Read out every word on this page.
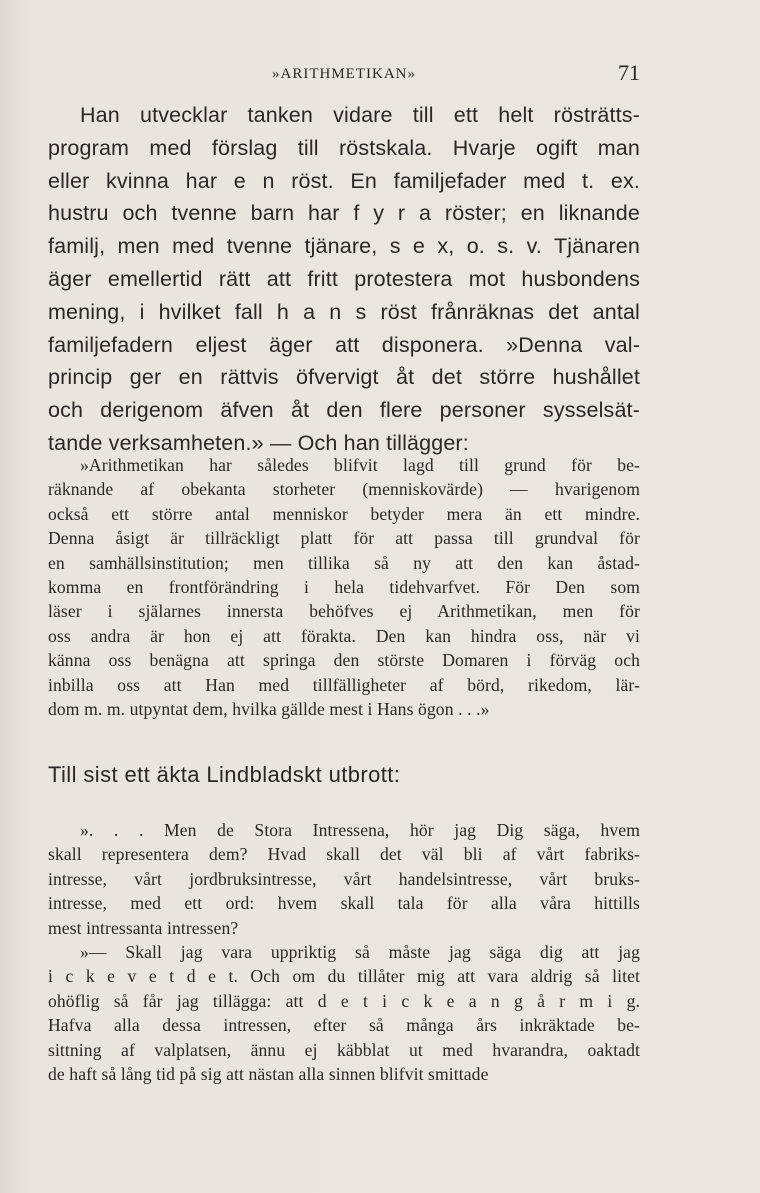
»ARITHMETIKAN»	71
Han utvecklar tanken vidare till ett helt rösträtts-
program med förslag till röstskala. Hvarje ogift man
eller kvinna har e n röst. En familjefader med t. ex.
hustru och tvenne barn har f y r a röster; en liknande
familj, men med tvenne tjänare, s e x, o. s. v. Tjänaren
äger emellertid rätt att fritt protestera mot husbondens
mening, i hvilket fall h a n s röst frånräknas det antal
familjefadern eljest äger att disponera. »Denna val-
princip ger en rättvis öfvervigt åt det större hushållet
och derigenom äfven åt den flere personer sysselsät-
tande verksamheten.» — Och han tillägger:
»Arithmetikan har således blifvit lagd till grund för be-
räknande af obekanta storheter (menniskovärde) — hvarigenom
också ett större antal menniskor betyder mera än ett mindre.
Denna åsigt är tillräckligt platt för att passa till grundval för
en samhällsinstitution; men tillika så ny att den kan åstad-
komma en frontförändring i hela tidehvarfvet. För Den som
läser i själarnes innersta behöfves ej Arithmetikan, men för
oss andra är hon ej att förakta. Den kan hindra oss, när vi
känna oss benägna att springa den störste Domaren i förväg och
inbilla oss att Han med tillfälligheter af börd, rikedom, lär-
dom m. m. utpyntat dem, hvilka gällde mest i Hans ögon . . .»
Till sist ett äkta Lindbladskt utbrott:
». . . Men de Stora Intressena, hör jag Dig säga, hvem
skall representera dem? Hvad skall det väl bli af vårt fabriks-
intresse, vårt jordbruksintresse, vårt handelsintresse, vårt bruks-
intresse, med ett ord: hvem skall tala för alla våra hittills
mest intressanta intressen?
»— Skall jag vara uppriktig så måste jag säga dig att jag
i c k e v e t d e t. Och om du tillåter mig att vara aldrig så litet
ohöflig så får jag tillägga: att d e t i c k e a n g å r m i g.
Hafva alla dessa intressen, efter så många års inkräktade be-
sittning af valplatsen, ännu ej käbblat ut med hvarandra, oaktadt
de haft så lång tid på sig att nästan alla sinnen blifvit smittade
